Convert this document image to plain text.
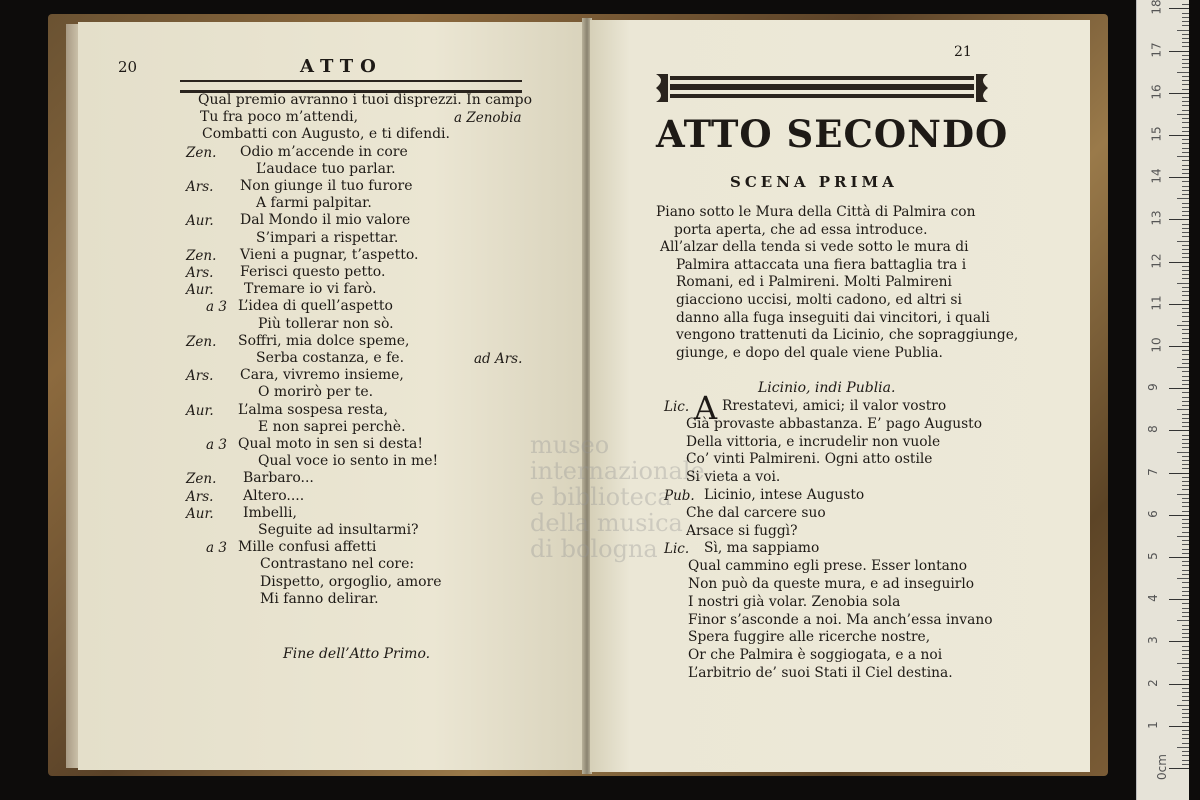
20	ATTO
Fine dell’Atto Primo.
21
ATTO SECONDO
SCENA PRIMA
Licinio, indi Publia.
museo internazionale e biblioteca della musica di bologna
0cm
1
2
3
4
5
6
7
8
9
10
11
12
13
14
15
16
17
18
Qual premio avranno i tuoi disprezzi. In campo
Tu fra poco m’attendi,	a Zenobia
Combatti con Augusto, e ti difendi.
Zen. Odio m’accende in core
L’audace tuo parlar.
Ars. Non giunge il tuo furore
A farmi palpitar.
Aur. Dal Mondo il mio valore
S’impari a rispettar.
Zen. Vieni a pugnar, t’aspetto.
Ars. Ferisci questo petto.
Aur. Tremare io vi farò.
a 3 L’idea di quell’aspetto
Più tollerar non sò.
Zen. Soffri, mia dolce speme,
Serba costanza, e fe.	ad Ars.
Ars. Cara, vivremo insieme,
O morirò per te.
Aur. L’alma sospesa resta,
E non saprei perchè.
a 3 Qual moto in sen si desta!
Qual voce io sento in me!
Zen. Barbaro...
Ars. Altero....
Aur. Imbelli,
Seguite ad insultarmi?
a 3 Mille confusi affetti
Contrastano nel core:
Dispetto, orgoglio, amore
Mi fanno delirar.
Piano sotto le Mura della Città di Palmira con
porta aperta, che ad essa introduce.
All’alzar della tenda si vede sotto le mura di
Palmira attaccata una fiera battaglia tra i
Romani, ed i Palmireni. Molti Palmireni
giacciono uccisi, molti cadono, ed altri si
danno alla fuga inseguiti dai vincitori, i quali
vengono trattenuti da Licinio, che sopraggiunge,
giunge, e dopo del quale viene Publia.
Lic. A Rrestatevi, amici; il valor vostro
Già provaste abbastanza. E’ pago Augusto
Della vittoria, e incrudelir non vuole
Co’ vinti Palmireni. Ogni atto ostile
Si vieta a voi.
Pub. Licinio, intese Augusto
Che dal carcere suo
Arsace si fuggì?
Lic. Sì, ma sappiamo
Qual cammino egli prese. Esser lontano
Non può da queste mura, e ad inseguirlo
I nostri già volar. Zenobia sola
Finor s’asconde a noi. Ma anch’essa invano
Spera fuggire alle ricerche nostre,
Or che Palmira è soggiogata, e a noi
L’arbitrio de’ suoi Stati il Ciel destina.
